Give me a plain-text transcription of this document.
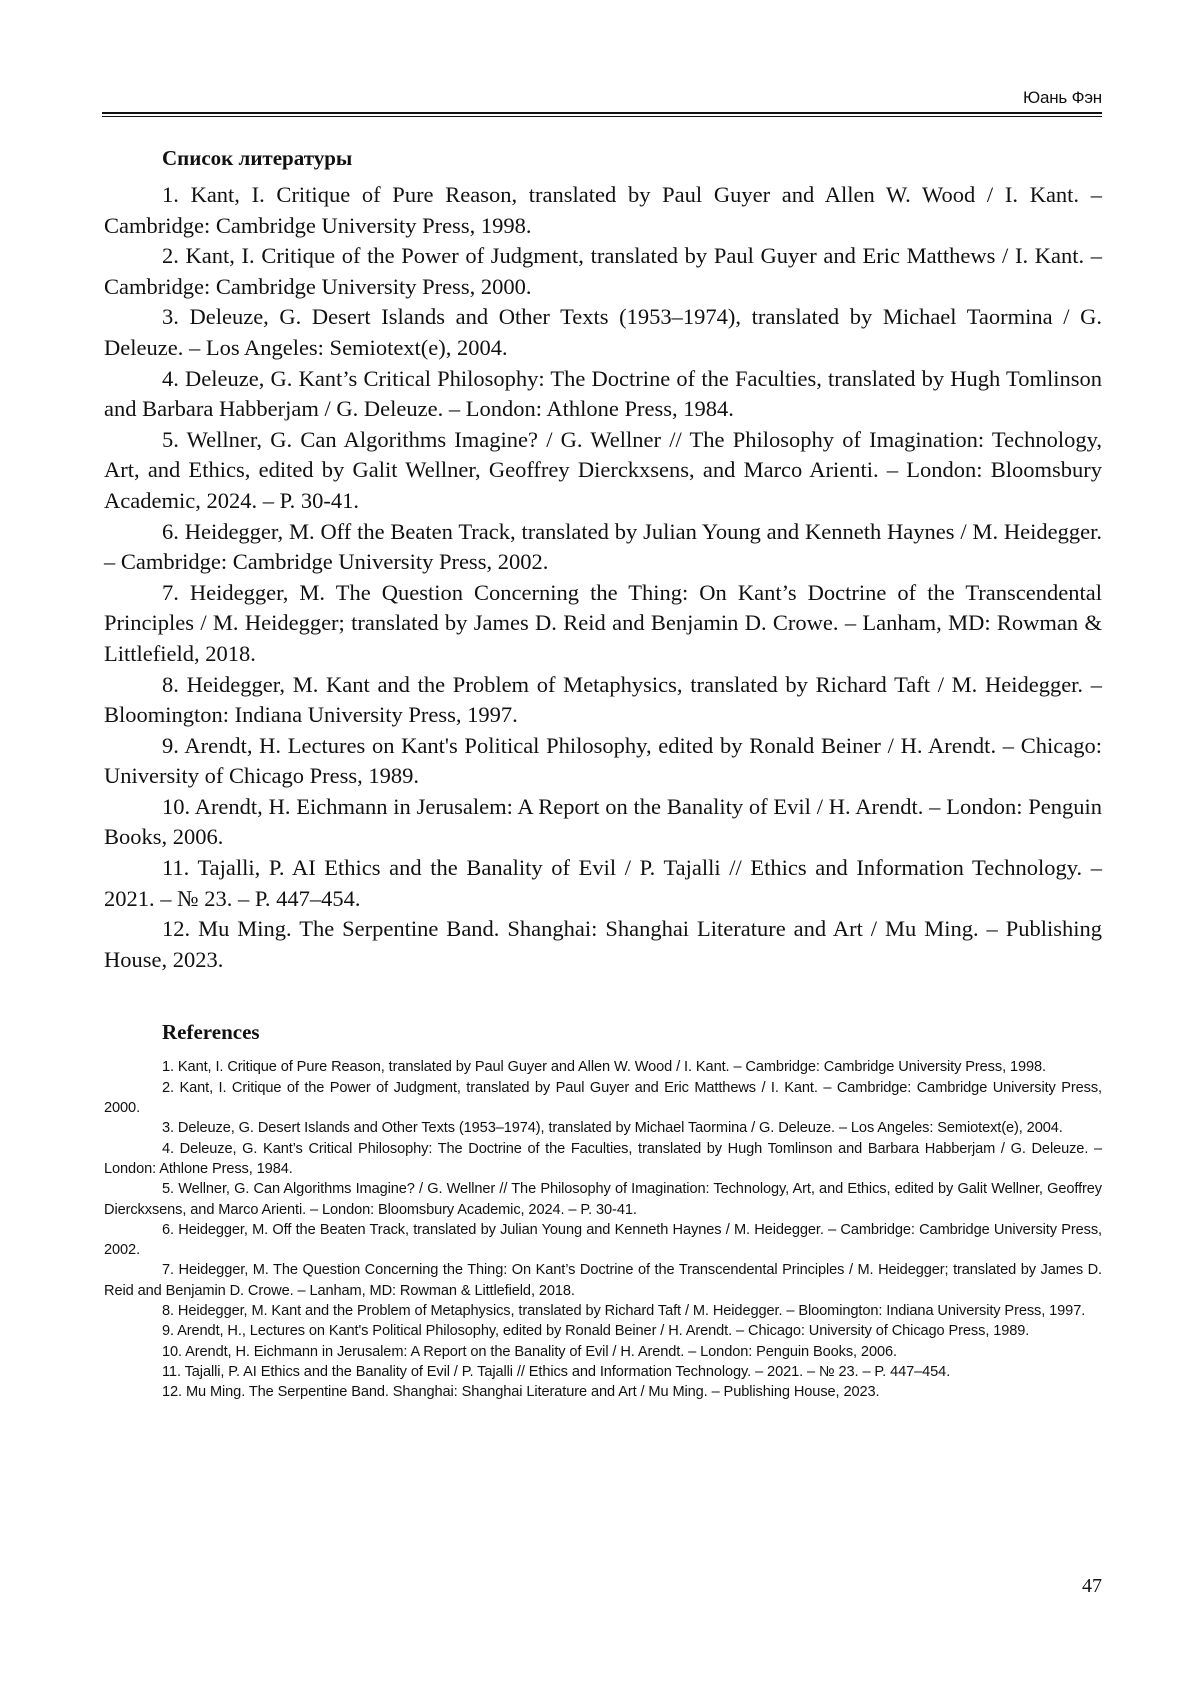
Юань Фэн
Список литературы

1. Kant, I. Critique of Pure Reason, translated by Paul Guyer and Allen W. Wood / I. Kant. – Cambridge: Cambridge University Press, 1998.

2. Kant, I. Critique of the Power of Judgment, translated by Paul Guyer and Eric Matthews / I. Kant. – Cambridge: Cambridge University Press, 2000.

3. Deleuze, G. Desert Islands and Other Texts (1953–1974), translated by Michael Taormina / G. Deleuze. – Los Angeles: Semiotext(e), 2004.

4. Deleuze, G. Kant’s Critical Philosophy: The Doctrine of the Faculties, translated by Hugh Tomlinson and Barbara Habberjam / G. Deleuze. – London: Athlone Press, 1984.

5. Wellner, G. Can Algorithms Imagine? / G. Wellner // The Philosophy of Imagination: Technology, Art, and Ethics, edited by Galit Wellner, Geoffrey Dierckxsens, and Marco Arienti. – London: Bloomsbury Academic, 2024. – P. 30-41.

6. Heidegger, M. Off the Beaten Track, translated by Julian Young and Kenneth Haynes / M. Heidegger. – Cambridge: Cambridge University Press, 2002.

7. Heidegger, M. The Question Concerning the Thing: On Kant’s Doctrine of the Transcendental Principles / M. Heidegger; translated by James D. Reid and Benjamin D. Crowe. – Lanham, MD: Rowman & Littlefield, 2018.

8. Heidegger, M. Kant and the Problem of Metaphysics, translated by Richard Taft / M. Heidegger. – Bloomington: Indiana University Press, 1997.

9. Arendt, H. Lectures on Kant's Political Philosophy, edited by Ronald Beiner / H. Arendt. – Chicago: University of Chicago Press, 1989.

10. Arendt, H. Eichmann in Jerusalem: A Report on the Banality of Evil / H. Arendt. – London: Penguin Books, 2006.

11. Tajalli, P. AI Ethics and the Banality of Evil / P. Tajalli // Ethics and Information Technology. – 2021. – № 23. – P. 447–454.

12. Mu Ming. The Serpentine Band. Shanghai: Shanghai Literature and Art / Mu Ming. – Publishing House, 2023.

References

1. Kant, I. Critique of Pure Reason, translated by Paul Guyer and Allen W. Wood / I. Kant. – Cambridge: Cambridge University Press, 1998.

2. Kant, I. Critique of the Power of Judgment, translated by Paul Guyer and Eric Matthews / I. Kant. – Cambridge: Cambridge University Press, 2000.

3. Deleuze, G. Desert Islands and Other Texts (1953–1974), translated by Michael Taormina / G. Deleuze. – Los Angeles: Semiotext(e), 2004.

4. Deleuze, G. Kant’s Critical Philosophy: The Doctrine of the Faculties, translated by Hugh Tomlinson and Barbara Habberjam / G. Deleuze. – London: Athlone Press, 1984.

5. Wellner, G. Can Algorithms Imagine? / G. Wellner // The Philosophy of Imagination: Technology, Art, and Ethics, edited by Galit Wellner, Geoffrey Dierckxsens, and Marco Arienti. – London: Bloomsbury Academic, 2024. – P. 30-41.

6. Heidegger, M. Off the Beaten Track, translated by Julian Young and Kenneth Haynes / M. Heidegger. – Cambridge: Cambridge University Press, 2002.

7. Heidegger, M. The Question Concerning the Thing: On Kant’s Doctrine of the Transcendental Principles / M. Heidegger; translated by James D. Reid and Benjamin D. Crowe. – Lanham, MD: Rowman & Littlefield, 2018.

8. Heidegger, M. Kant and the Problem of Metaphysics, translated by Richard Taft / M. Heidegger. – Bloomington: Indiana University Press, 1997.

9. Arendt, H., Lectures on Kant's Political Philosophy, edited by Ronald Beiner / H. Arendt. – Chicago: University of Chicago Press, 1989.

10. Arendt, H. Eichmann in Jerusalem: A Report on the Banality of Evil / H. Arendt. – London: Penguin Books, 2006.

11. Tajalli, P. AI Ethics and the Banality of Evil / P. Tajalli // Ethics and Information Technology. – 2021. – № 23. – P. 447–454.

12. Mu Ming. The Serpentine Band. Shanghai: Shanghai Literature and Art / Mu Ming. – Publishing House, 2023.

47
